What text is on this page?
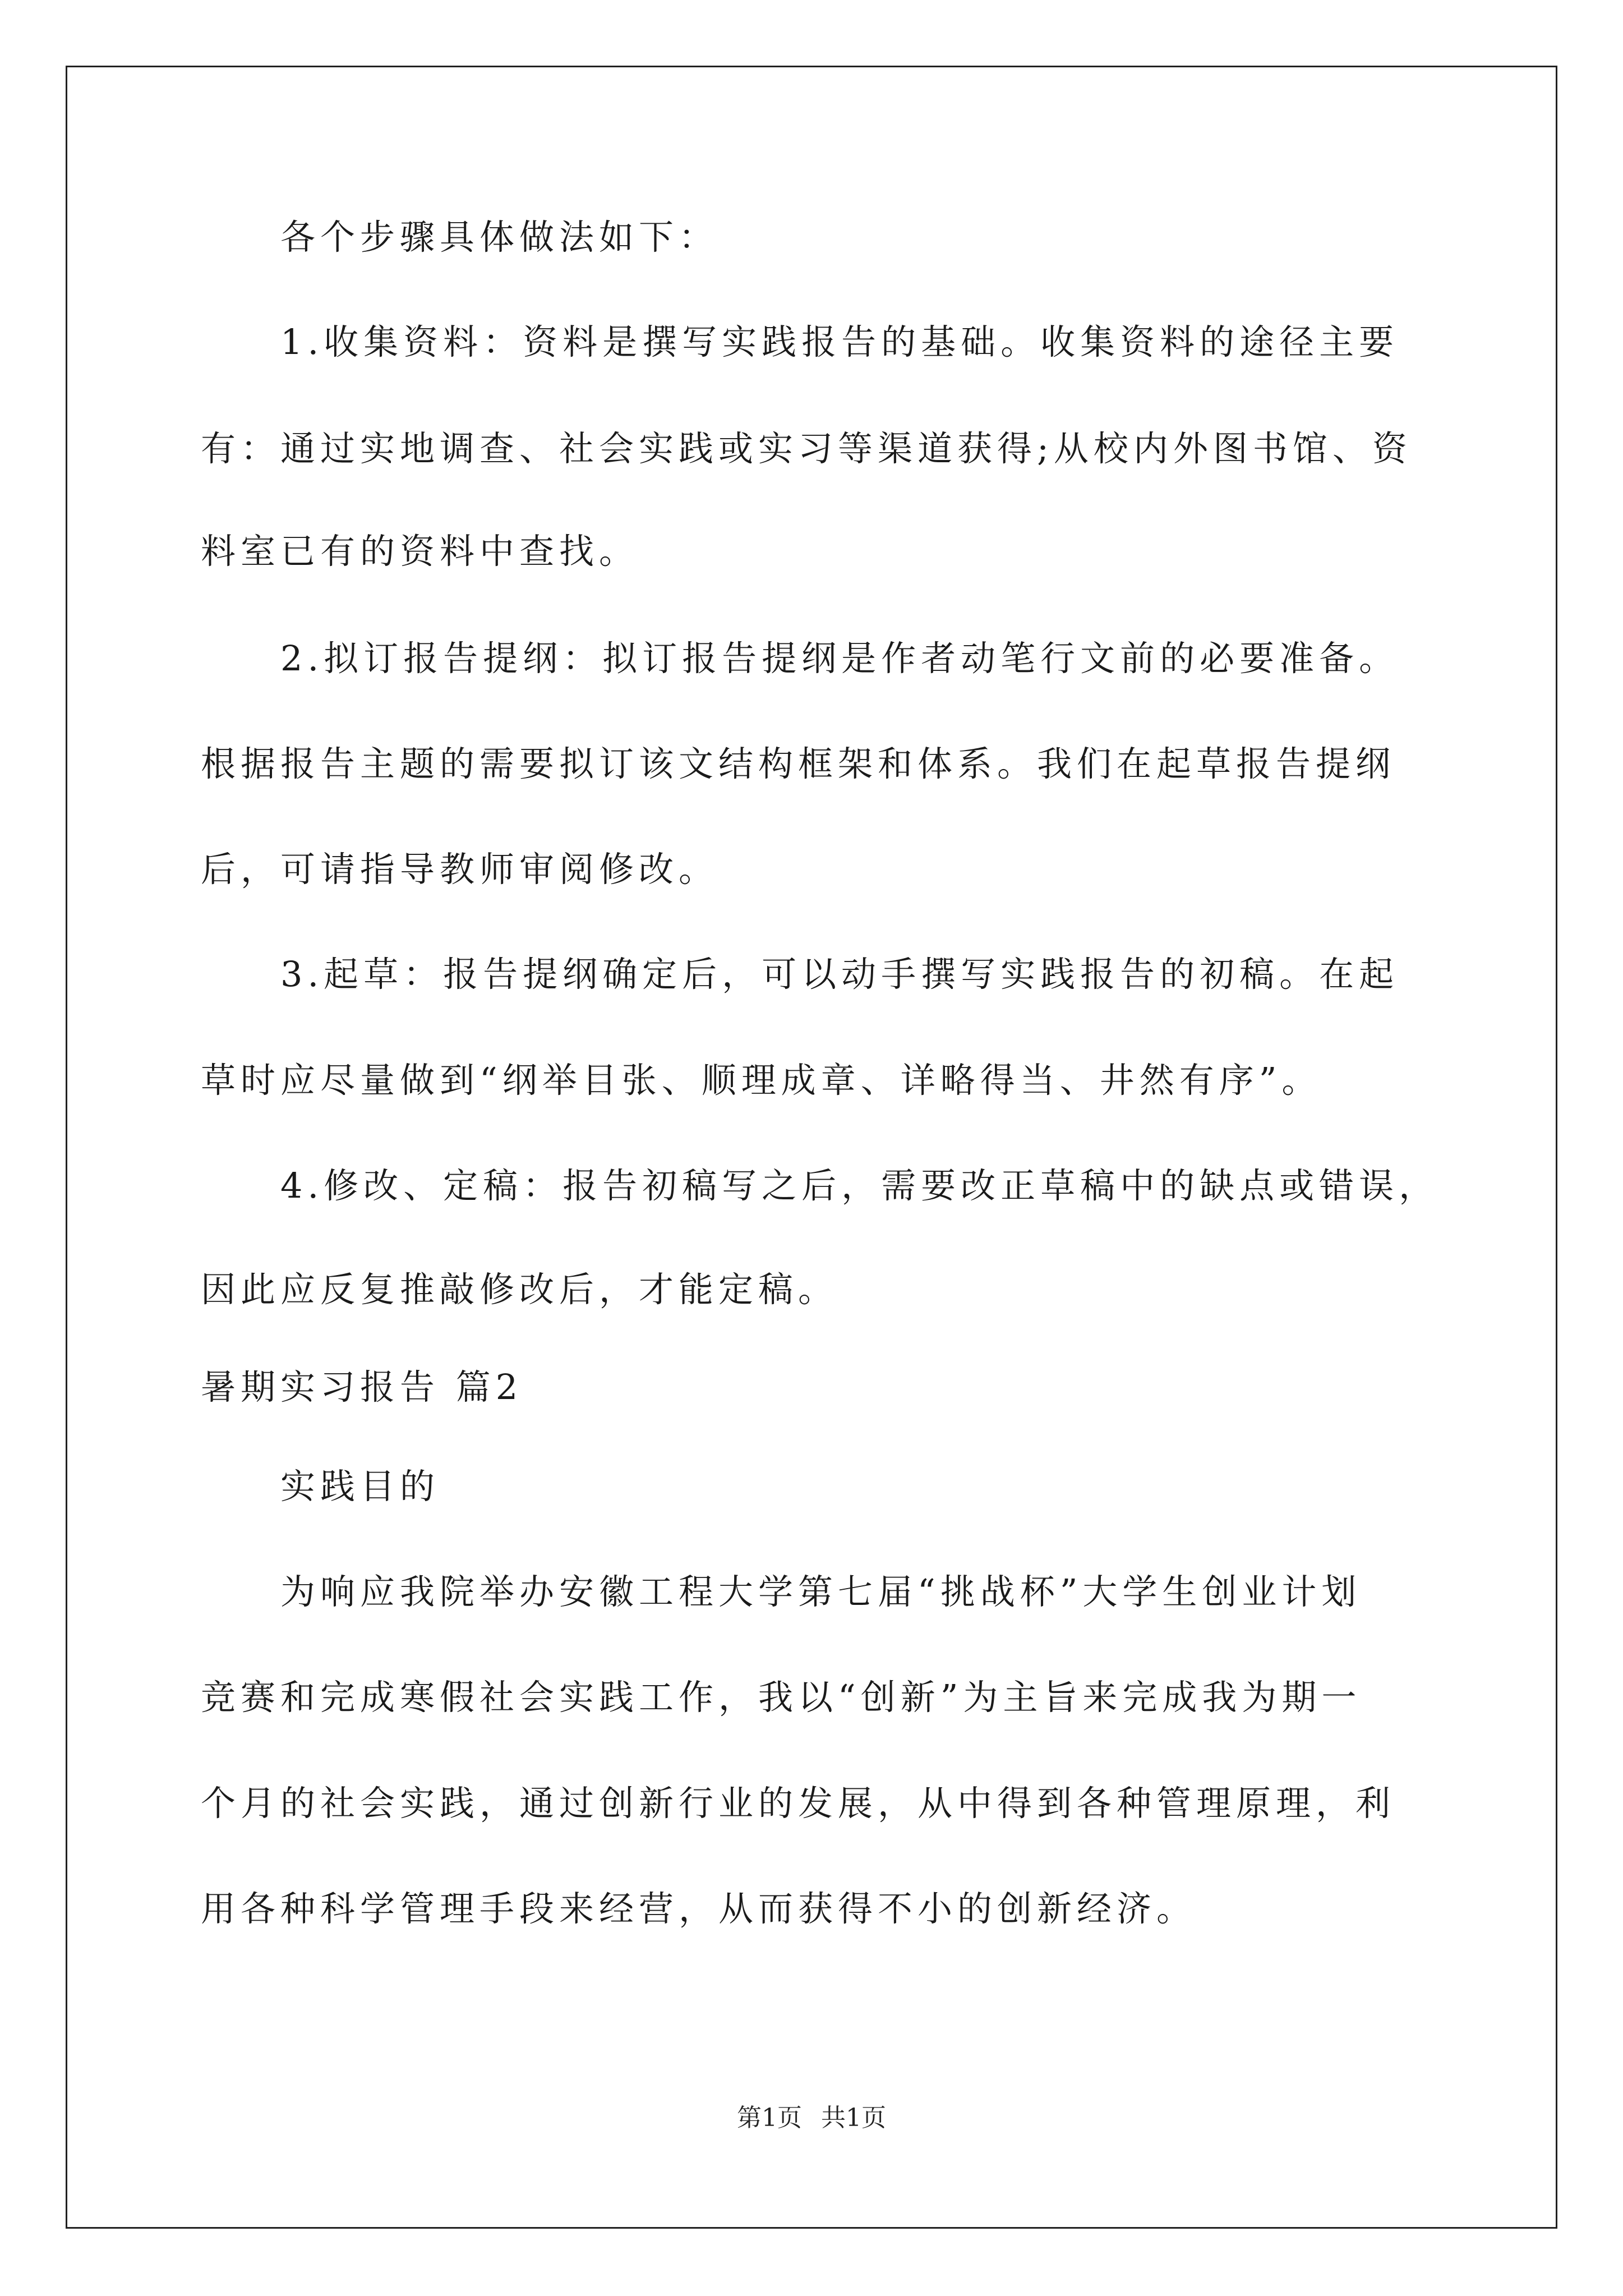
各个步骤具体做法如下：
1.收集资料：资料是撰写实践报告的基础。收集资料的途径主要
有：通过实地调查、社会实践或实习等渠道获得;从校内外图书馆、资
料室已有的资料中查找。
2.拟订报告提纲：拟订报告提纲是作者动笔行文前的必要准备。
根据报告主题的需要拟订该文结构框架和体系。我们在起草报告提纲
后，可请指导教师审阅修改。
3.起草：报告提纲确定后，可以动手撰写实践报告的初稿。在起
草时应尽量做到“纲举目张、顺理成章、详略得当、井然有序”。
4.修改、定稿：报告初稿写之后，需要改正草稿中的缺点或错误，
因此应反复推敲修改后，才能定稿。
暑期实习报告 篇2
实践目的
为响应我院举办安徽工程大学第七届“挑战杯”大学生创业计划
竞赛和完成寒假社会实践工作，我以“创新”为主旨来完成我为期一
个月的社会实践，通过创新行业的发展，从中得到各种管理原理，利
用各种科学管理手段来经营，从而获得不小的创新经济。
第1页 共1页
